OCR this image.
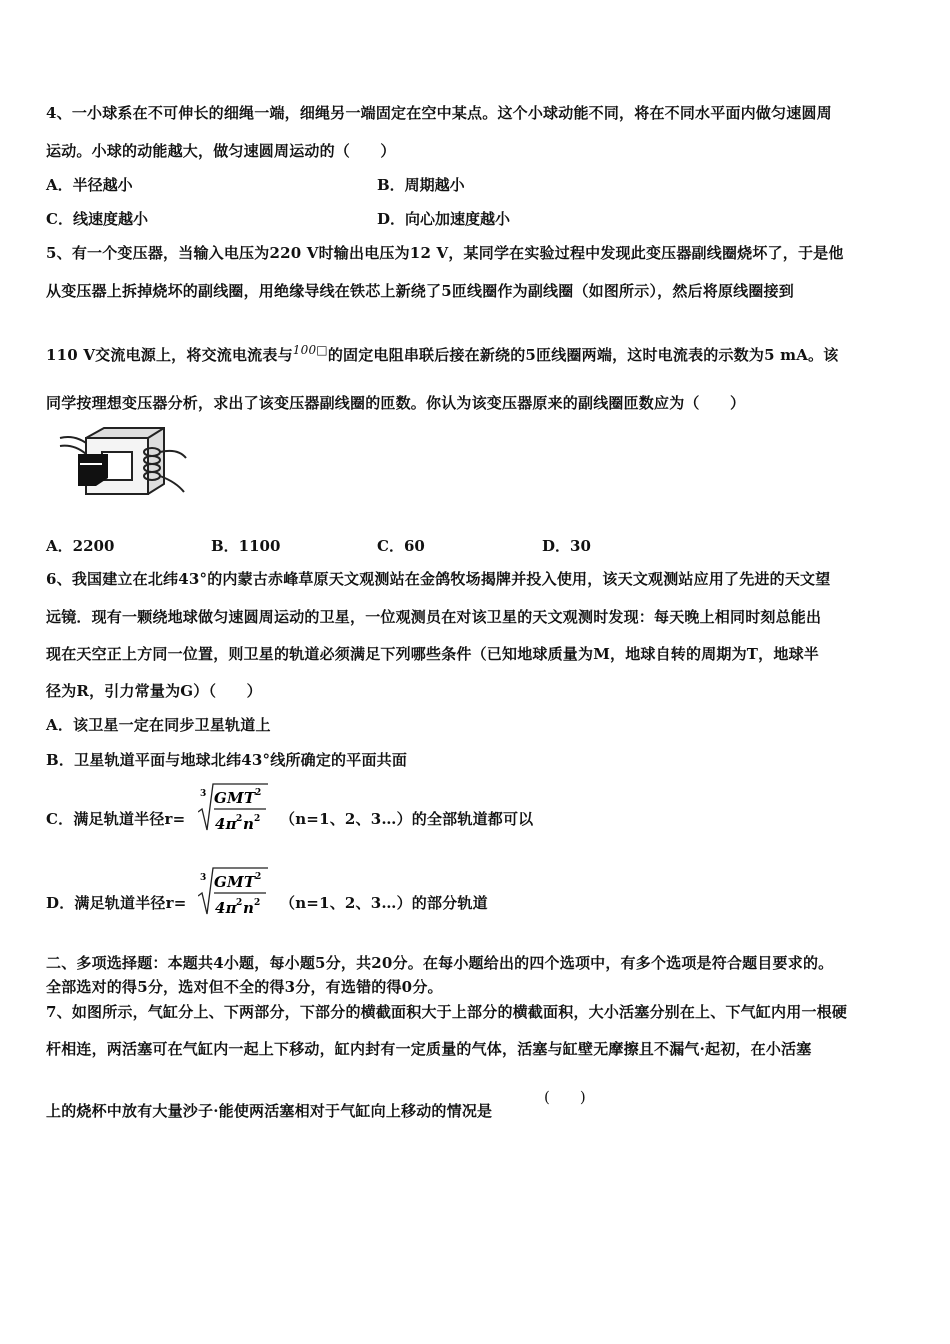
4、一小球系在不可伸长的细绳一端，细绳另一端固定在空中某点。这个小球动能不同，将在不同水平面内做匀速圆周
运动。小球的动能越大，做匀速圆周运动的（　　）
A．半径越小	B．周期越小
C．线速度越小	D．向心加速度越小
5、有一个变压器，当输入电压为220 V时输出电压为12 V，某同学在实验过程中发现此变压器副线圈烧坏了，于是他
从变压器上拆掉烧坏的副线圈，用绝缘导线在铁芯上新绕了5匝线圈作为副线圈（如图所示），然后将原线圈接到
110 V交流电源上，将交流电流表与$^{100□}$的固定电阻串联后接在新绕的5匝线圈两端，这时电流表的示数为5 mA。该
同学按理想变压器分析，求出了该变压器副线圈的匝数。你认为该变压器原来的副线圈匝数应为（　　）
A．2200	B．1100	C．60	D．30
6、我国建立在北纬43°的内蒙古赤峰草原天文观测站在金鸽牧场揭牌并投入使用，该天文观测站应用了先进的天文望
远镜．现有一颗绕地球做匀速圆周运动的卫星，一位观测员在对该卫星的天文观测时发现：每天晚上相同时刻总能出
现在天空正上方同一位置，则卫星的轨道必须满足下列哪些条件（已知地球质量为M，地球自转的周期为T，地球半
径为R，引力常量为G）（　　）
A．该卫星一定在同步卫星轨道上
B．卫星轨道平面与地球北纬43°线所确定的平面共面
C．满足轨道半径r=
3 GMT 2
4π 2 n 2 （n=1、2、3…）的全部轨道都可以
D．满足轨道半径r=
3 GMT 2
4π 2 n 2 （n=1、2、3…）的部分轨道
二、多项选择题：本题共4小题，每小题5分，共20分。在每小题给出的四个选项中，有多个选项是符合题目要求的。
全部选对的得5分，选对但不全的得3分，有选错的得0分。
7、如图所示，气缸分上、下两部分，下部分的横截面积大于上部分的横截面积，大小活塞分别在上、下气缸内用一根硬
杆相连，两活塞可在气缸内一起上下移动，缸内封有一定质量的气体，活塞与缸壁无摩擦且不漏气·起初，在小活塞
上的烧杯中放有大量沙子·能使两活塞相对于气缸向上移动的情况是
(　　)
